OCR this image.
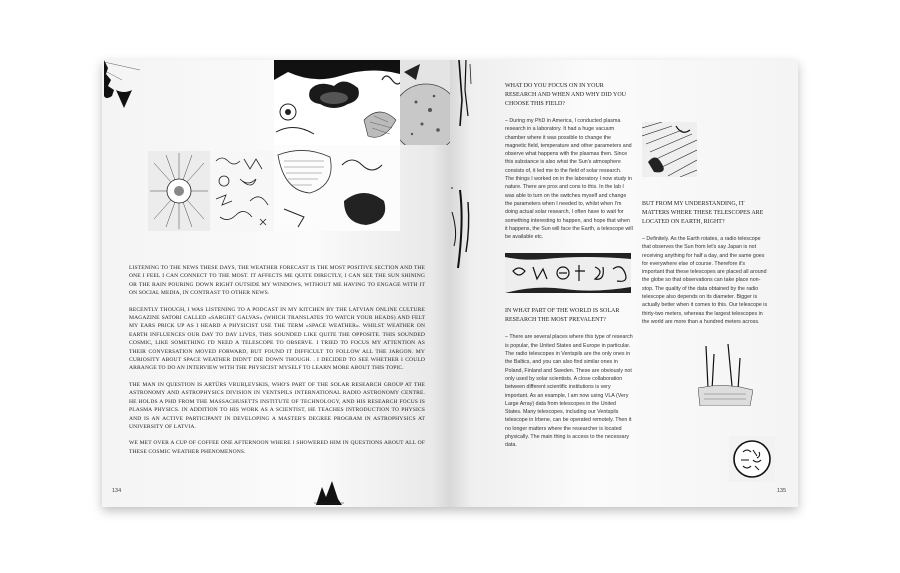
LISTENING TO THE NEWS THESE DAYS, THE WEATHER FORECAST IS THE MOST POSITIVE SECTION AND THE ONE I FEEL I CAN CONNECT TO THE MOST. IT AFFECTS ME QUITE DIRECTLY, I CAN SEE THE SUN SHINING OR THE RAIN POURING DOWN RIGHT OUTSIDE MY WINDOWS, WITHOUT ME HAVING TO ENGAGE WITH IT ON SOCIAL MEDIA, IN CONTRAST TO OTHER NEWS.

RECENTLY THOUGH, I WAS LISTENING TO A PODCAST IN MY KITCHEN BY THE LATVIAN ONLINE CULTURE MAGAZINE SATORI CALLED «SARGIET GALVAS» (WHICH TRANSLATES TO WATCH YOUR HEADS) AND FELT MY EARS PRICK UP AS I HEARD A PHYSICIST USE THE TERM «SPACE WEATHER». WHILST WEATHER ON EARTH INFLUENCES OUR DAY TO DAY LIVES, THIS SOUNDED LIKE QUITE THE OPPOSITE. THIS SOUNDED COSMIC, LIKE SOMETHING I'D NEED A TELESCOPE TO OBSERVE. I TRIED TO FOCUS MY ATTENTION AS THEIR CONVERSATION MOVED FORWARD, BUT FOUND IT DIFFICULT TO FOLLOW ALL THE JARGON. MY CURIOSITY ABOUT SPACE WEATHER DIDN'T DIE DOWN THOUGH. . I DECIDED TO SEE WHETHER I COULD ARRANGE TO DO AN INTERVIEW WITH THE PHYSICIST MYSELF TO LEARN MORE ABOUT THIS TOPIC.

THE MAN IN QUESTION IS ARTŪRS VRUBĻEVSKIS, WHO'S PART OF THE SOLAR RESEARCH GROUP AT THE ASTRONOMY AND ASTROPHYSICS DIVISION IN VENTSPILS INTERNATIONAL RADIO ASTRONOMY CENTRE. HE HOLDS A PHD FROM THE MASSACHUSETTS INSTITUTE OF TECHNOLOGY, AND HIS RESEARCH FOCUS IS PLASMA PHYSICS. IN ADDITION TO HIS WORK AS A SCIENTIST, HE TEACHES INTRODUCTION TO PHYSICS AND IS AN ACTIVE PARTICIPANT IN DEVELOPING A MASTER'S DEGREE PROGRAM IN ASTROPHYSICS AT UNIVERSITY OF LATVIA.

WE MET OVER A CUP OF COFFEE ONE AFTERNOON WHERE I SHOWERED HIM IN QUESTIONS ABOUT ALL OF THESE COSMIC WEATHER PHENOMENONS.

134

WHAT DO YOU FOCUS ON IN YOUR RESEARCH AND WHEN AND WHY DID YOU CHOOSE THIS FIELD?

– During my PhD in America, I conducted plasma research in a laboratory. It had a huge vacuum chamber where it was possible to change the magnetic field, temperature and other parameters and observe what happens with the plasmas then. Since this substance is also what the Sun's atmosphere consists of, it led me to the field of solar research.

The things I worked on in the laboratory I now study in nature. There are pros and cons to this. In the lab I was able to turn on the switches myself and change the parameters when I needed to, whilst when I'm doing actual solar research, I often have to wait for something interesting to happen, and hope that when it happens, the Sun will face the Earth, a telescope will be available etc.

IN WHAT PART OF THE WORLD IS SOLAR RESEARCH THE MOST PREVALENT?

– There are several places where this type of research is popular, the United States and Europe in particular. The radio telescopes in Ventspils are the only ones in the Baltics, and you can also find similar ones in Poland, Finland and Sweden. These are obviously not only used by solar scientists. A close collaboration between different scientific institutions is very important. As an example, I am now using VLA (Very Large Array) data from telescopes in the United States. Many telescopes, including our Ventspils telescope in Irbene, can be operated remotely. Then it no longer matters where the researcher is located physically. The main thing is access to the necessary data.

BUT FROM MY UNDERSTANDING, IT MATTERS WHERE THESE TELESCOPES ARE LOCATED ON EARTH, RIGHT?

– Definitely. As the Earth rotates, a radio telescope that observes the Sun from let's say Japan is not receiving anything for half a day, and the same goes for everywhere else of course. Therefore it's important that these telescopes are placed all around the globe so that observations can take place non-stop. The quality of the data obtained by the radio telescope also depends on its diameter. Bigger is actually better when it comes to this. Our telescope is thirty-two meters, whereas the largest telescopes in the world are more than a hundred meters across.

135
